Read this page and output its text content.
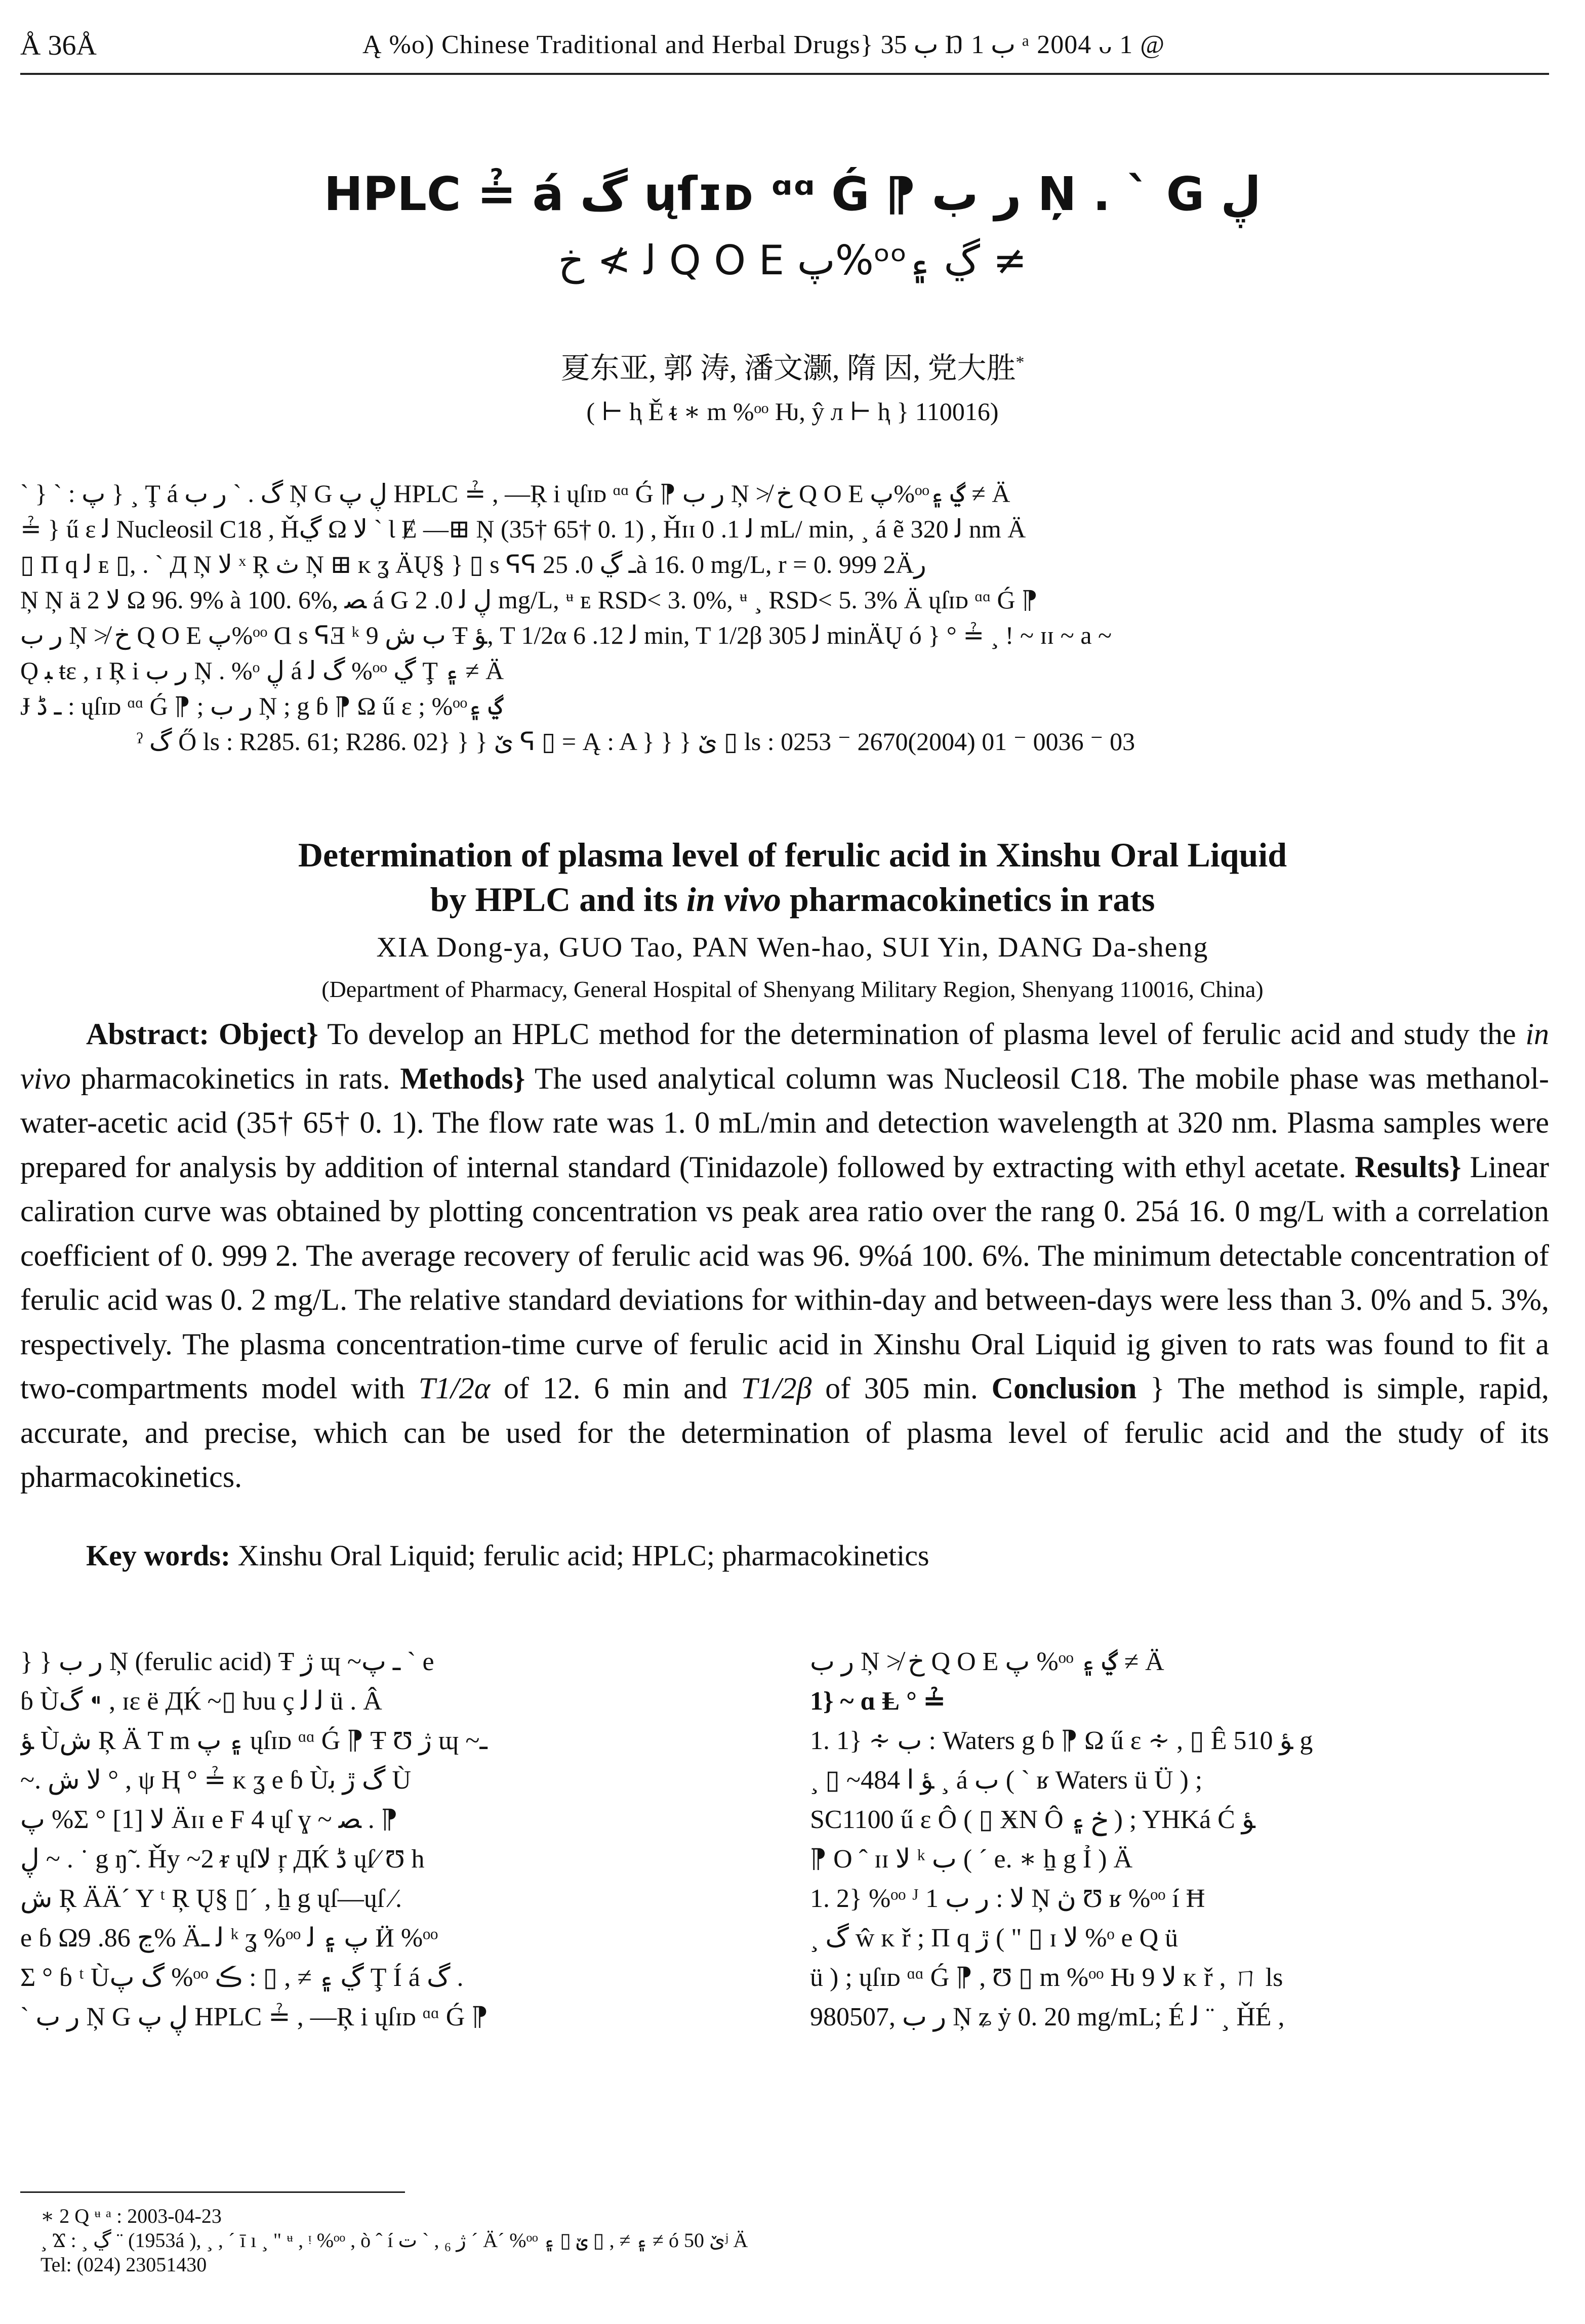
Å 36Å	Ą %o) Chinese Traditional and Herbal Drugs} ب 35 Ŋ ب 1 ᵃ 2004 ᴗ 1 @
HPLC ≟ á گ ųſɪᴅ ᵅᵅ Ǵ ⁋ ر ب Ņ . ` G ڸ
ﻟ ≯ خ Q O E پ%ᵒᵒڲ ۽ ≠
夏东亚, 郭 涛, 潘文灏, 隋 因, 党大胜*
( ⊢ ⱨ Ě ᵵ ∗ m %ᵒᵒ Ƕ, ŷ л ⊢ ⱨ } 110016)
` } ` : پ } ¸ Ţ á گ . ` ر ب Ņ G ڸ پ HPLC ≟ , —Ŗ i ųſɪᴅ ᵅᵅ Ǵ ⁋ ر ب Ņ ≯ خ Q O E پ%ᵒᵒڲ ۽ ≠ Ä
≟ } ű ɛ ﻟ Nucleosil C18 , Ȟڲ Ω ﻻ ` Ɩ Ɇ —⊞ Ņ (35† 65† 0. 1) , Ȟɪɪ ﻟ 1. 0 mL/ min, ¸ á ẽ ﻟ 320 nm Ä
▯ П q ﻟ ᴇ ▯, . ` Д Ņ ﻻ ˣ Ŗ ث Ņ ⊞ ᴋ ʓ ÄŲ§ } ▯ s ᕋᕋ ـ ڲ 0. 25à 16. 0 mg/L, r = 0. 999 2Äﺭ
Ņ Ņ ä ﻻ 2 Ω 96. 9% à 100. 6%, ﺼ á G ڸ ﻟ 0. 2 mg/L, ᶶ ᴇ RSD< 3. 0%, ᶶ ¸ RSD< 5. 3% Ä ųſɪᴅ ᵅᵅ Ǵ ⁋
ر ب Ņ ≯ خ Q O E پ%ᵒᵒ Ɑ s ᕋƎ ᵏ ب ش 9 Ŧ ﺆ, T 1/2α ﻟ 12. 6 min, T 1/2β ﻟ 305 minÄŲ ó } ° ≟ ¸ ! ~ ɪɪ ~ a ~
Ǫ ﺒ ŧε , ɪ Ŗ i ر ب Ņ . %ᵒ ڸ á گ ﻟ %ᵒᵒ ڲ Ţ ۽ ≠ Ä
Ɉ ـ ڈ : ųſɪᴅ ᵅᵅ Ǵ ⁋ ; ر ب Ņ ; g ɓ ⁋ Ω ű ɛ ; %ᵒᵒڲ ۽
ˀ گ Ő ls : R285. 61; R286. 02} } } ێ ᕋ ▯ = Ą : A } } } ێ ▯ ls : 0253 ⁻ 2670(2004) 01 ⁻ 0036 ⁻ 03
Determination of plasma level of ferulic acid in Xinshu Oral Liquid
by HPLC and its in vivo pharmacokinetics in rats
XIA Dong-ya, GUO Tao, PAN Wen-hao, SUI Yin, DANG Da-sheng
(Department of Pharmacy, General Hospital of Shenyang Military Region, Shenyang 110016, China)

Abstract: Object} To develop an HPLC method for the determination of plasma level of ferulic acid and study the in vivo pharmacokinetics in rats. Methods} The used analytical column was Nucleosil C18. The mobile phase was methanol-water-acetic acid (35† 65† 0. 1). The flow rate was 1. 0 mL/min and detection wavelength at 320 nm. Plasma samples were prepared for analysis by addition of internal standard (Tinidazole) followed by extracting with ethyl acetate. Results} Linear caliration curve was obtained by plotting concentration vs peak area ratio over the rang 0. 25á 16. 0 mg/L with a correlation coefficient of 0. 999 2. The average recovery of ferulic acid was 96. 9%á 100. 6%. The minimum detectable concentration of ferulic acid was 0. 2 mg/L. The relative standard deviations for within-day and between-days were less than 3. 0% and 5. 3%, respectively. The plasma concentration-time curve of ferulic acid in Xinshu Oral Liquid ig given to rats was found to fit a two-compartments model with T1/2α of 12. 6 min and T1/2β of 305 min. Conclusion } The method is simple, rapid, accurate, and precise, which can be used for the determination of plasma level of ferulic acid and the study of its pharmacokinetics.

Key words: Xinshu Oral Liquid; ferulic acid; HPLC; pharmacokinetics
} } ر ب Ņ (ferulic acid) Ŧ ژ ɰ ~ـ پ ` e
ɓ Ùگ ⁌ , ɪɛ ë ДЌ ~▯ ƕu ç ﻟ ﻟ ü . Â
ﺆ Ùش Ŗ Ä T m ۽ پ ųſɪᴅ ᵅᵅ Ǵ ⁋ Ŧ Ʊ ژ ɰ ~ـ
~. ﻻ ش ° , ψ Ⱨ ° ≟ ᴋ ʓ e ɓ Ùگ ڙ ﺑ Ù
پ %Σ ° ﻻ [1] Äɪɪ e F 4 ųſ ɣ ~ ﺼ . ⁋
ڸ ~ . ˙ g ŋ̃ . Ȟy ~2 ᵲ ųſﻻ ŗ ДЌ ڈ ųſ⁄ Ʊ h
ش Ŗ ÄÄ´ Y ᵗ Ŗ Ų§ ▯´ , ẖ g ųſ—ųſ ⁄.
e ɓ Ωڃ 86. 9% Äﻟ ـ ᵏ ʓ %ᵒᵒ پ ۽ ﻟ Ӥ %ᵒᵒ
Σ ° ɓ ᵗ Ùگ پ %ᵒᵒ ڲ ۽ ≠ , ▯ : ڪ Ţ Í á گ .
` ر ب Ņ G ڸ پ HPLC ≟ , —Ŗ i ųſɪᴅ ᵅᵅ Ǵ ⁋
ر ب Ņ ≯ خ Q O E پ %ᵒᵒ ڲ ۽ ≠ Ä
1} ~ ɑ Ⱡ ° ≟
1. 1} ∻ ب : Waters g ɓ ⁋ Ω ű ɛ ∻ , ▯ Ê 510 ﺆ g
¸ ▯ ~484 ﺆ ا ¸ á ب ( ` ʁ Waters ü Ü ) ;
SC1100 ű ɛ Ô ( ▯ ӾN Ô خ ۽ ) ; YHKá Ć ﺆ
⁋ O ˆ ɪɪ ﻻ ᵏ ب ( ´ e. ∗ ẖ g Ỉ ) Ä
1. 2} %ᵒᵒ ᴶ 1 ﻻ : ر ب Ņ ڽ Ʊ ʁ %ᵒᵒ í Ħ
¸ گ ŵ ᴋ ř ; П q ڙ ( " ▯ ɪ ﻻ %ᵒ e Q ü
ü ) ; ųſɪᴅ ᵅᵅ Ǵ ⁋ , Ʊ ▯ m %ᵒᵒ Ƕ ﻻ 9 ᴋ ř , ㄇ ls
980507, ر ب Ņ ʑ ẏ 0. 20 mg/mL; É ﻟ ¨ ¸ ȞÉ ,
∗ 2 Q ᶶ ᵃ : 2003-04-23
¸ Ϫ : ¸ ڲ ¨ (1953á ), ¸ , ´ ī ı ¸ " ᶶ , ᵎ %ᵒᵒ , ò ˆ í ژ ₆ , ` ت ´ Ä´ %ᵒᵒ ۽ ≠ , ▯ ێ ▯ ۽ ≠ ó ێ 50ʲ Ä
Tel: (024) 23051430
